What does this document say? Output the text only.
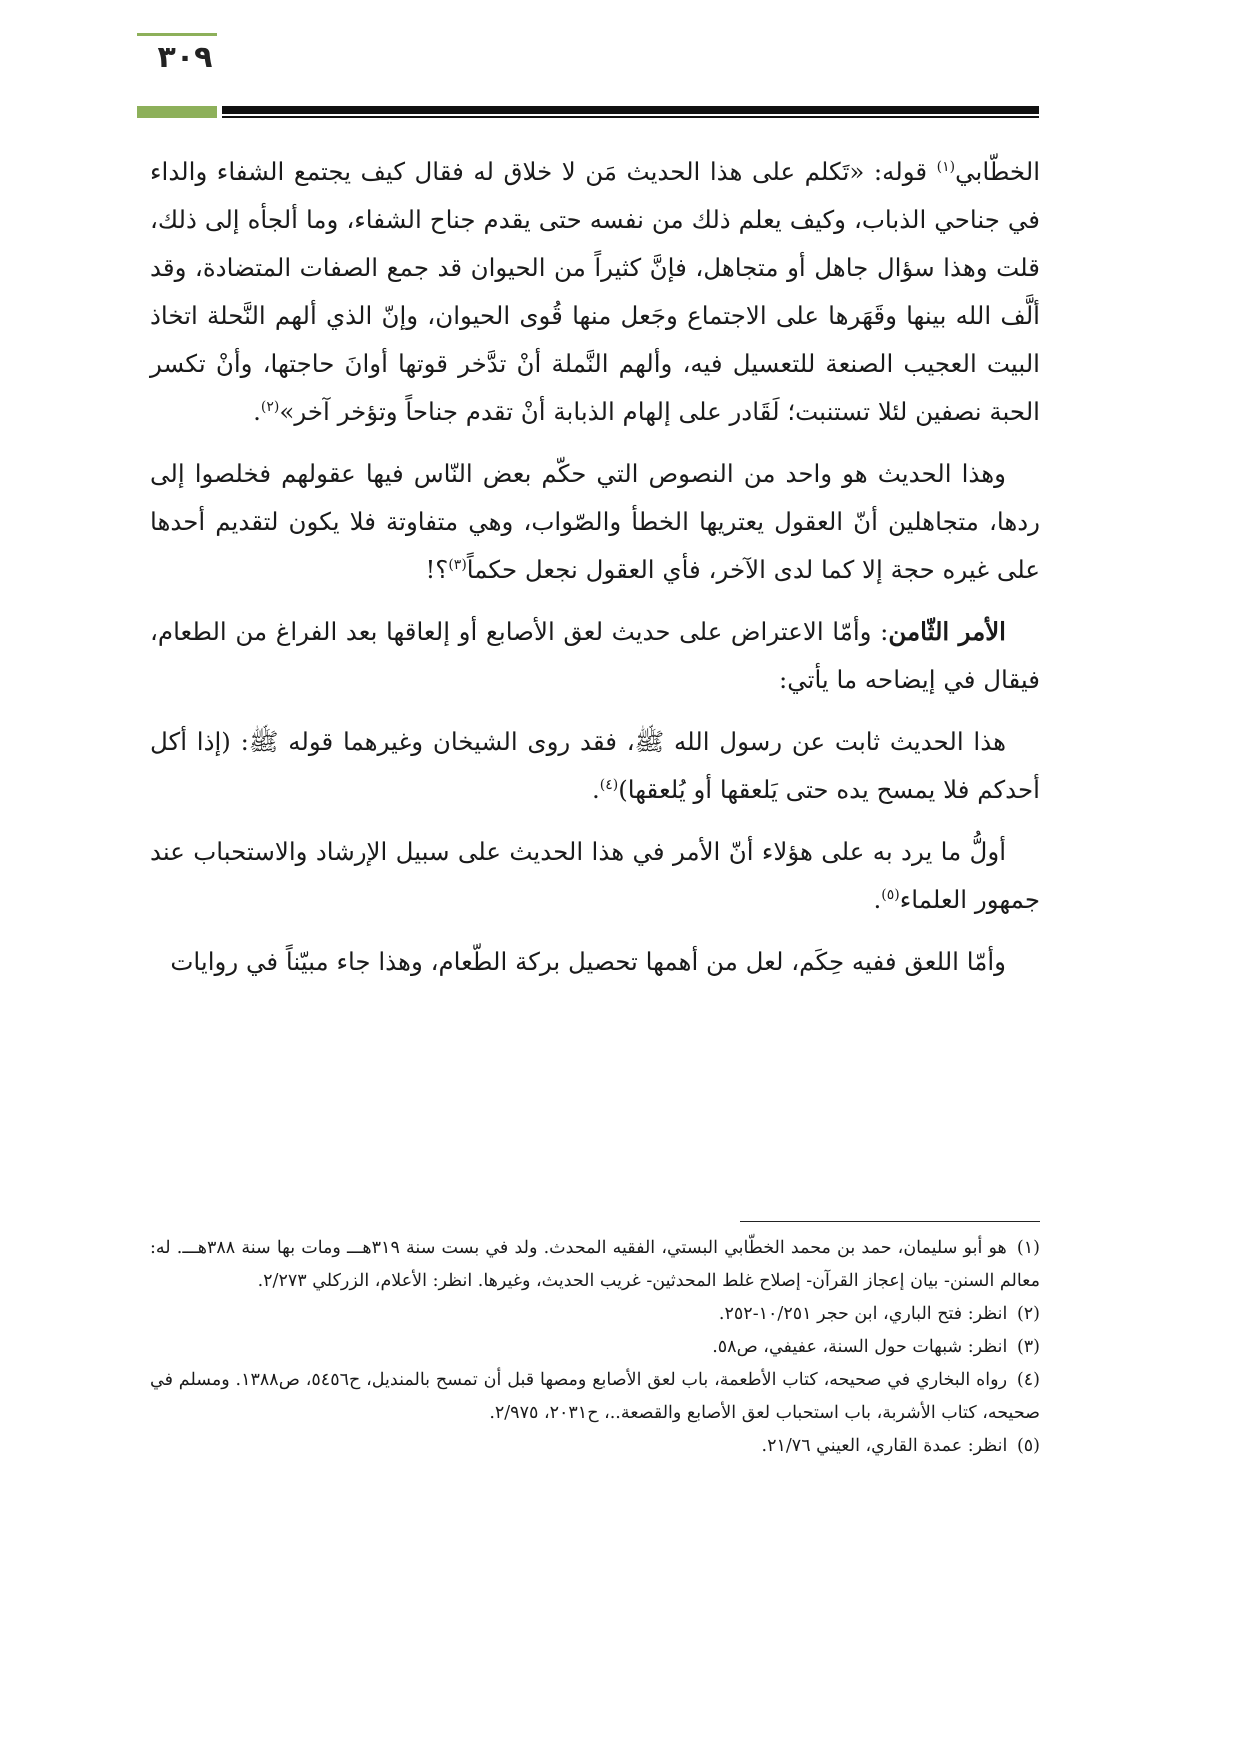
٣٠٩

الخطّابي$^{(١)}$ قوله: «تَكلم على هذا الحديث مَن لا خلاق له فقال كيف يجتمع الشفاء والداء في جناحي الذباب، وكيف يعلم ذلك من نفسه حتى يقدم جناح الشفاء، وما ألجأه إلى ذلك، قلت وهذا سؤال جاهل أو متجاهل، فإنَّ كثيراً من الحيوان قد جمع الصفات المتضادة، وقد ألَّف الله بينها وقَهَرها على الاجتماع وجَعل منها قُوى الحيوان، وإنّ الذي ألهم النَّحلة اتخاذ البيت العجيب الصنعة للتعسيل فيه، وألهم النَّملة أنْ تدَّخر قوتها أوانَ حاجتها، وأنْ تكسر الحبة نصفين لئلا تستنبت؛ لَقَادر على إلهام الذبابة أنْ تقدم جناحاً وتؤخر آخر»$^{(٢)}$.

وهذا الحديث هو واحد من النصوص التي حكّم بعض النّاس فيها عقولهم فخلصوا إلى ردها، متجاهلين أنّ العقول يعتريها الخطأ والصّواب، وهي متفاوتة فلا يكون لتقديم أحدها على غيره حجة إلا كما لدى الآخر، فأي العقول نجعل حكماً$^{(٣)}$؟!

الأمر الثّامن: وأمّا الاعتراض على حديث لعق الأصابع أو إلعاقها بعد الفراغ من الطعام، فيقال في إيضاحه ما يأتي:

هذا الحديث ثابت عن رسول الله ﷺ، فقد روى الشيخان وغيرهما قوله ﷺ: (إذا أكل أحدكم فلا يمسح يده حتى يَلعقها أو يُلعقها)$^{(٤)}$.

أولُّ ما يرد به على هؤلاء أنّ الأمر في هذا الحديث على سبيل الإرشاد والاستحباب عند جمهور العلماء$^{(٥)}$.

وأمّا اللعق ففيه حِكَم، لعل من أهمها تحصيل بركة الطّعام، وهذا جاء مبيّناً في روايات

(١) هو أبو سليمان، حمد بن محمد الخطّابي البستي، الفقيه المحدث. ولد في بست سنة ٣١٩هـــ ومات بها سنة ٣٨٨هـــ. له: معالم السنن- بيان إعجاز القرآن- إصلاح غلط المحدثين- غريب الحديث، وغيرها. انظر: الأعلام، الزركلي ٢/٢٧٣.

(٢) انظر: فتح الباري، ابن حجر ١٠/٢٥١-٢٥٢.

(٣) انظر: شبهات حول السنة، عفيفي، ص٥٨.

(٤) رواه البخاري في صحيحه، كتاب الأطعمة، باب لعق الأصابع ومصها قبل أن تمسح بالمنديل، ح٥٤٥٦، ص١٣٨٨. ومسلم في صحيحه، كتاب الأشربة، باب استحباب لعق الأصابع والقصعة..، ح٢٠٣١، ٢/٩٧٥.

(٥) انظر: عمدة القاري، العيني ٢١/٧٦.
